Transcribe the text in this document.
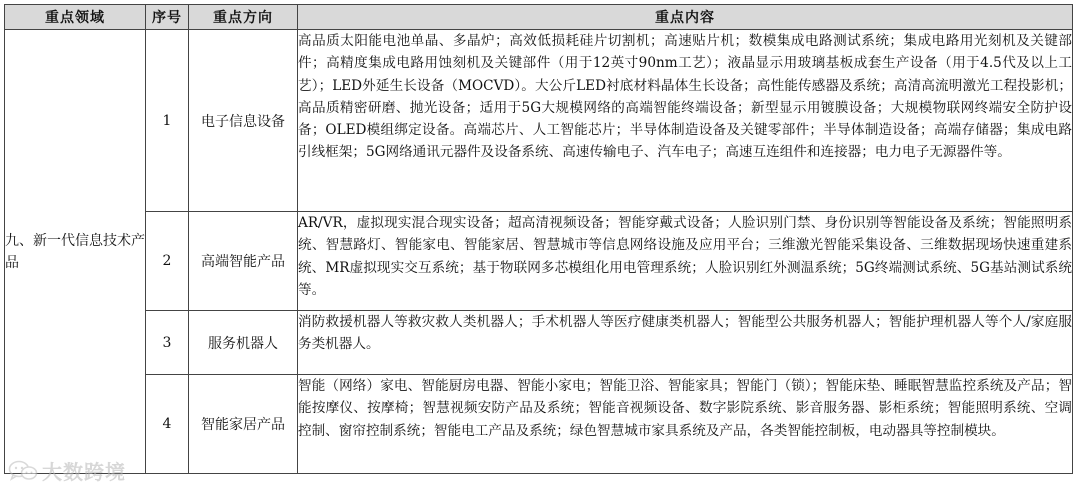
重点领域	序号	重点方向	重点内容
九、新一代信息技术产品	1	电子信息设备	高品质太阳能电池单晶、多晶炉；高效低损耗硅片切割机；高速贴片机；数模集成电路测试系统；集成电路用光刻机及关键部件；高精度集成电路用蚀刻机及关键部件（用于12英寸90nm工艺）；液晶显示用玻璃基板成套生产设备（用于4.5代及以上工艺）；LED外延生长设备（MOCVD）。大公斤LED衬底材料晶体生长设备；高性能传感器及系统；高清高流明激光工程投影机；高品质精密研磨、抛光设备；适用于5G大规模网络的高端智能终端设备；新型显示用镀膜设备；大规模物联网终端安全防护设备；OLED模组绑定设备。高端芯片、人工智能芯片；半导体制造设备及关键零部件；半导体制造设备；高端存储器；集成电路引线框架；5G网络通讯元器件及设备系统、高速传输电子、汽车电子；高速互连组件和连接器；电力电子无源器件等。
	2	高端智能产品	AR/VR，虚拟现实混合现实设备；超高清视频设备；智能穿戴式设备；人脸识别门禁、身份识别等智能设备及系统；智能照明系统、智慧路灯、智能家电、智能家居、智慧城市等信息网络设施及应用平台；三维激光智能采集设备、三维数据现场快速重建系统、MR虚拟现实交互系统；基于物联网多芯模组化用电管理系统；人脸识别红外测温系统；5G终端测试系统、5G基站测试系统等。
	3	服务机器人	消防救援机器人等救灾救人类机器人；手术机器人等医疗健康类机器人；智能型公共服务机器人；智能护理机器人等个人/家庭服务类机器人。
	4	智能家居产品	智能（网络）家电、智能厨房电器、智能小家电；智能卫浴、智能家具；智能门（锁）；智能床垫、睡眠智慧监控系统及产品；智能按摩仪、按摩椅；智慧视频安防产品及系统；智能音视频设备、数字影院系统、影音服务器、影柜系统；智能照明系统、空调控制、窗帘控制系统；智能电工产品及系统；绿色智慧城市家具系统及产品，各类智能控制板，电动器具等控制模块。
大数跨境
